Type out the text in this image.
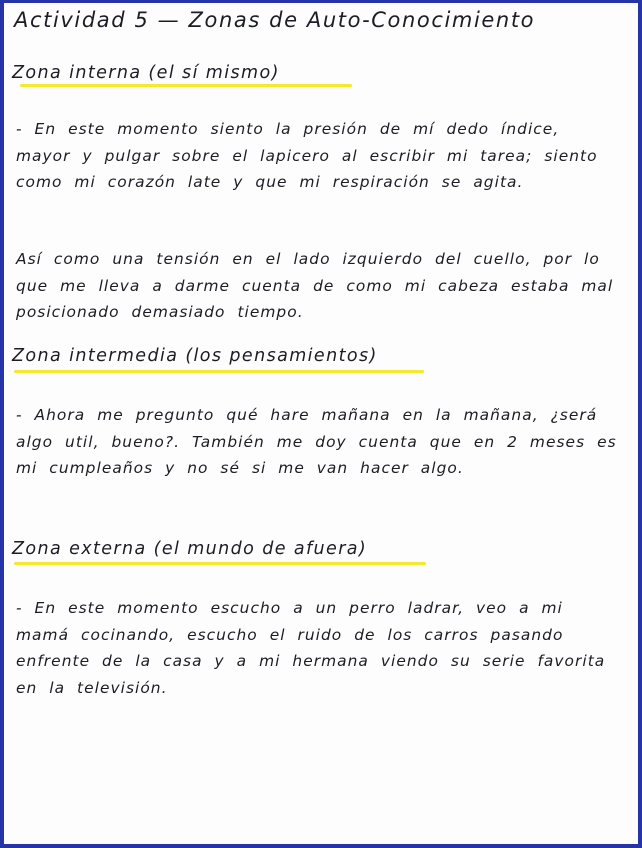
Actividad 5 — Zonas de Auto-Conocimiento
Zona interna (el sí mismo)

- En este momento siento la presión de mí dedo índice, mayor y pulgar sobre el lapicero al escribir mi tarea; siento como mi corazón late y que mi respiración se agita.

Así como una tensión en el lado izquierdo del cuello, por lo que me lleva a darme cuenta de como mi cabeza estaba mal posicionado demasiado tiempo.

Zona intermedia (los pensamientos)

- Ahora me pregunto qué hare mañana en la mañana, ¿será algo util, bueno?. También me doy cuenta que en 2 meses es mi cumpleaños y no sé si me van hacer algo.

Zona externa (el mundo de afuera)

- En este momento escucho a un perro ladrar, veo a mi mamá cocinando, escucho el ruido de los carros pasando enfrente de la casa y a mi hermana viendo su serie favorita en la televisión.
